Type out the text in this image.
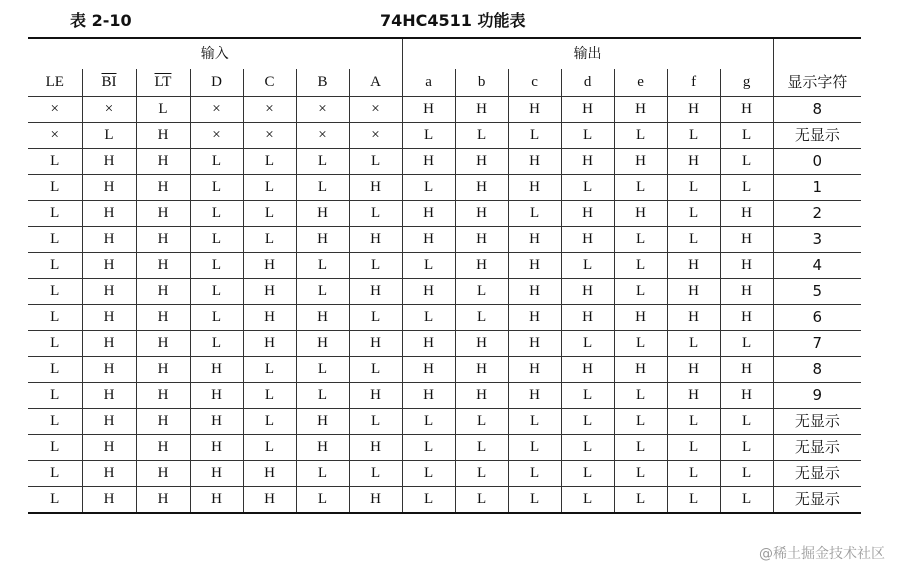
表 2-10	74HC4511 功能表
输入							输出							
LE	$\overline{BI}$	$\overline{LT}$	D	C	B	A	a	b	c	d	e	f	g	显示字符
×	×	L	×	×	×	×	H	H	H	H	H	H	H	8
×	L	H	×	×	×	×	L	L	L	L	L	L	L	无显示
L	H	H	L	L	L	L	H	H	H	H	H	H	L	0
L	H	H	L	L	L	H	L	H	H	L	L	L	L	1
L	H	H	L	L	H	L	H	H	L	H	H	L	H	2
L	H	H	L	L	H	H	H	H	H	H	L	L	H	3
L	H	H	L	H	L	L	L	H	H	L	L	H	H	4
L	H	H	L	H	L	H	H	L	H	H	L	H	H	5
L	H	H	L	H	H	L	L	L	H	H	H	H	H	6
L	H	H	L	H	H	H	H	H	H	L	L	L	L	7
L	H	H	H	L	L	L	H	H	H	H	H	H	H	8
L	H	H	H	L	L	H	H	H	H	L	L	H	H	9
L	H	H	H	L	H	L	L	L	L	L	L	L	L	无显示
L	H	H	H	L	H	H	L	L	L	L	L	L	L	无显示
L	H	H	H	H	L	L	L	L	L	L	L	L	L	无显示
L	H	H	H	H	L	H	L	L	L	L	L	L	L	无显示
@稀土掘金技术社区
